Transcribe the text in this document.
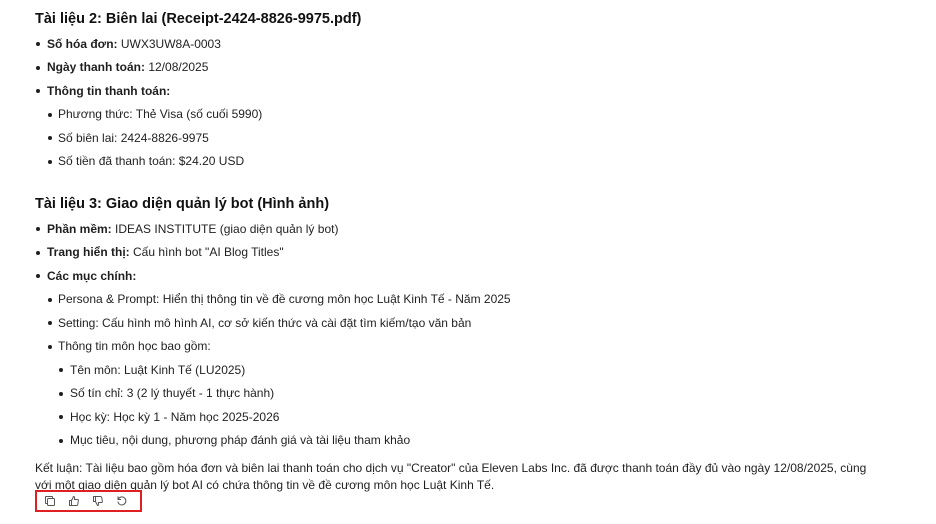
Tài liệu 2: Biên lai (Receipt-2424-8826-9975.pdf)
Số hóa đơn: UWX3UW8A-0003
Ngày thanh toán: 12/08/2025
Thông tin thanh toán:
Phương thức: Thẻ Visa (số cuối 5990)
Số biên lai: 2424-8826-9975
Số tiền đã thanh toán: $24.20 USD
Tài liệu 3: Giao diện quản lý bot (Hình ảnh)
Phần mềm: IDEAS INSTITUTE (giao diện quản lý bot)
Trang hiển thị: Cấu hình bot "AI Blog Titles"
Các mục chính:
Persona & Prompt: Hiển thị thông tin về đề cương môn học Luật Kinh Tế - Năm 2025
Setting: Cấu hình mô hình AI, cơ sở kiến thức và cài đặt tìm kiếm/tạo văn bản
Thông tin môn học bao gồm:
Tên môn: Luật Kinh Tế (LU2025)
Số tín chỉ: 3 (2 lý thuyết - 1 thực hành)
Học kỳ: Học kỳ 1 - Năm học 2025-2026
Mục tiêu, nội dung, phương pháp đánh giá và tài liệu tham khảo
Kết luận: Tài liệu bao gồm hóa đơn và biên lai thanh toán cho dịch vụ "Creator" của Eleven Labs Inc. đã được thanh toán đầy đủ vào ngày 12/08/2025, cùng với một giao diện quản lý bot AI có chứa thông tin về đề cương môn học Luật Kinh Tế.
